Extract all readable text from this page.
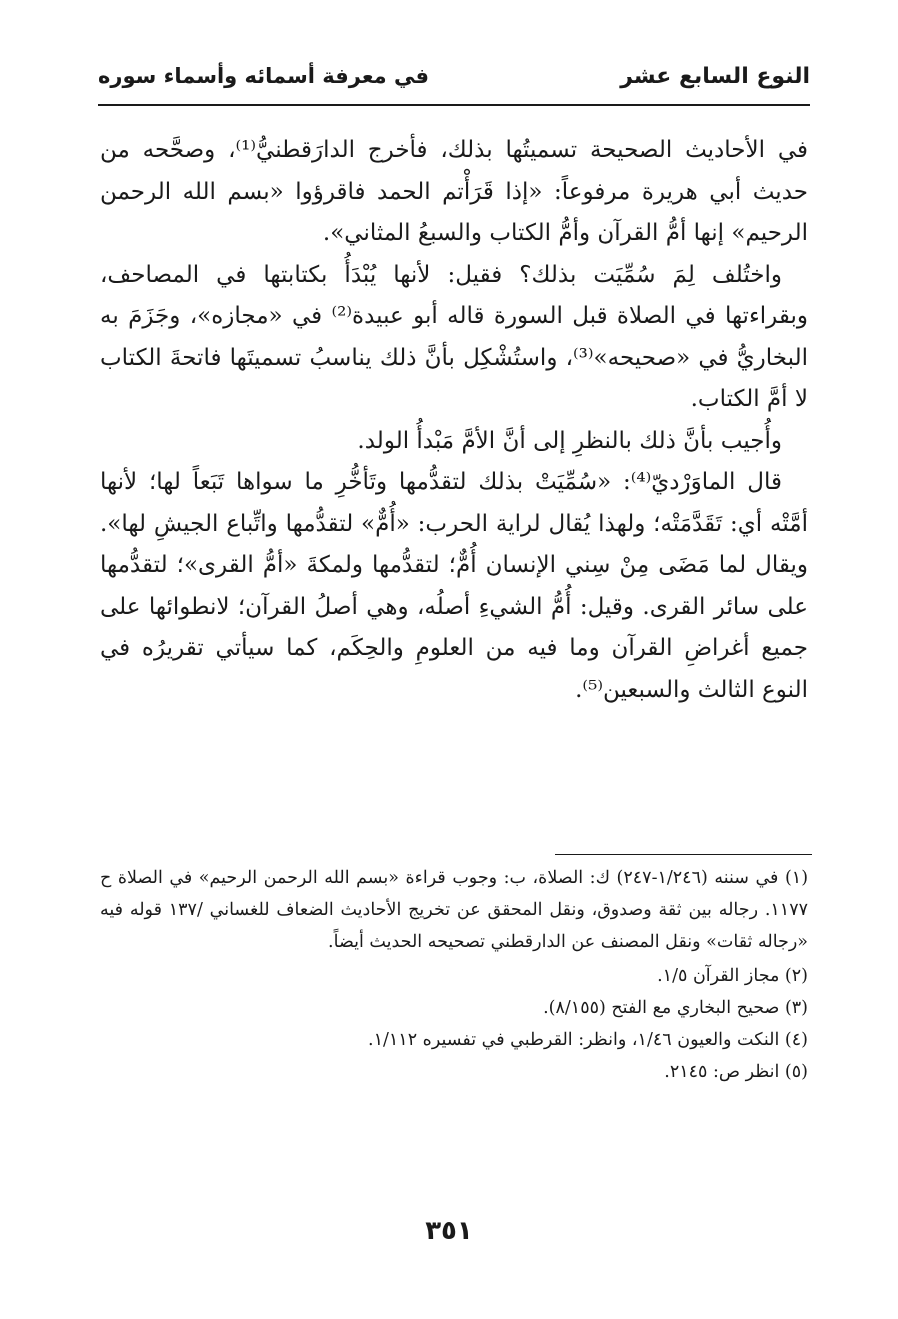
النوع السابع عشر
في معرفة أسمائه وأسماء سوره

في الأحاديث الصحيحة تسميتُها بذلك، فأخرج الدارَقطنيُّ⁽¹⁾، وصحَّحه من حديث أبي هريرة مرفوعاً: «إذا قَرَأْتم الحمد فاقرؤوا «بسم الله الرحمن الرحيم» إنها أمُّ القرآن وأمُّ الكتاب والسبعُ المثاني».

واختُلف لِمَ سُمِّيَت بذلك؟ فقيل: لأنها يُبْدَأُ بكتابتها في المصاحف، وبقراءتها في الصلاة قبل السورة قاله أبو عبيدة⁽²⁾ في «مجازه»، وجَزَمَ به البخاريُّ في «صحيحه»⁽³⁾، واستُشْكِل بأنَّ ذلك يناسبُ تسميتَها فاتحةَ الكتاب لا أمَّ الكتاب.

وأُجيب بأنَّ ذلك بالنظرِ إلى أنَّ الأمَّ مَبْدأُ الولد.

قال الماوَرْديّ⁽⁴⁾: «سُمِّيَتْ بذلك لتقدُّمها وتَأخُّرِ ما سواها تَبَعاً لها؛ لأنها أمَّتْه أي: تَقَدَّمَتْه؛ ولهذا يُقال لراية الحرب: «أُمٌّ» لتقدُّمها واتِّباع الجيشِ لها». ويقال لما مَضَى مِنْ سِني الإنسان أُمٌّ؛ لتقدُّمها ولمكةَ «أمُّ القرى»؛ لتقدُّمها على سائر القرى. وقيل: أُمُّ الشيءِ أصلُه، وهي أصلُ القرآن؛ لانطوائها على جميع أغراضِ القرآن وما فيه من العلومِ والحِكَم، كما سيأتي تقريرُه في النوع الثالث والسبعين⁽⁵⁾.

(١) في سننه (١/٢٤٦-٢٤٧) ك: الصلاة، ب: وجوب قراءة «بسم الله الرحمن الرحيم» في الصلاة ح ١١٧٧. رجاله بين ثقة وصدوق، ونقل المحقق عن تخريج الأحاديث الضعاف للغساني /١٣٧ قوله فيه «رجاله ثقات» ونقل المصنف عن الدارقطني تصحيحه الحديث أيضاً.

(٢) مجاز القرآن ١/٥.

(٣) صحيح البخاري مع الفتح (٨/١٥٥).

(٤) النكت والعيون ١/٤٦، وانظر: القرطبي في تفسيره ١/١١٢.

(٥) انظر ص: ٢١٤٥.

٣٥١
